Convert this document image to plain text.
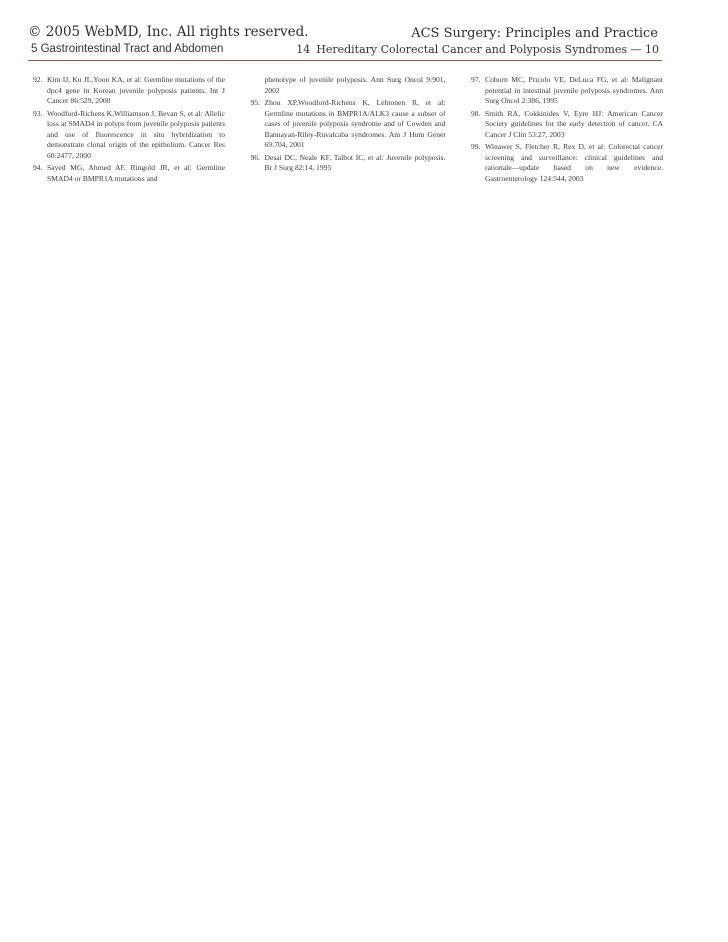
© 2005 WebMD, Inc. All rights reserved.	ACS Surgery: Principles and Practice
5 Gastrointestinal Tract and Abdomen	14 Hereditary Colorectal Cancer and Polyposis Syndromes — 10
92. Kim IJ, Ku JL,Yoon KA, et al: Germline mutations of the dpc4 gene in Korean juvenile polyposis patients. Int J Cancer 86:529, 2000
93. Woodford-Richens K,Williamson J, Bevan S, et al: Allelic loss at SMAD4 in polyps from juvenile polyposis patients and use of fluorescence in situ hybridization to demonstrate clonal origin of the epithelium. Cancer Res 60:2477, 2000
94. Sayed MG, Ahmed AF, Ringold JR, et al: Germline SMAD4 or BMPR1A mutations and
phenotype of juvenile polyposis. Ann Surg Oncol 9:901, 2002
95. Zhou XP,Woodford-Richens K, Lehtonen R, et al: Germline mutations in BMPR1A/ALK3 cause a subset of cases of juvenile polyposis syndrome and of Cowden and Bannayan-Riley-Ruvalcaba syndromes. Am J Hum Genet 69:704, 2001
96. Desai DC, Neale KF, Talbot IC, et al: Juvenile polyposis. Br J Surg 82:14, 1995
97. Coburn MC, Pricolo VE, DeLuca FG, et al: Malignant potential in intestinal juvenile polyposis syndromes. Ann Surg Oncol 2:386, 1995
98. Smith RA, Cokkinides V, Eyre HJ: American Cancer Society guidelines for the early detection of cancer. CA Cancer J Clin 53:27, 2003
99. Winawer S, Fletcher R, Rex D, et al: Colorectal cancer screening and surveillance: clinical guidelines and rationale—update based on new evidence. Gastroenterology 124:544, 2003
